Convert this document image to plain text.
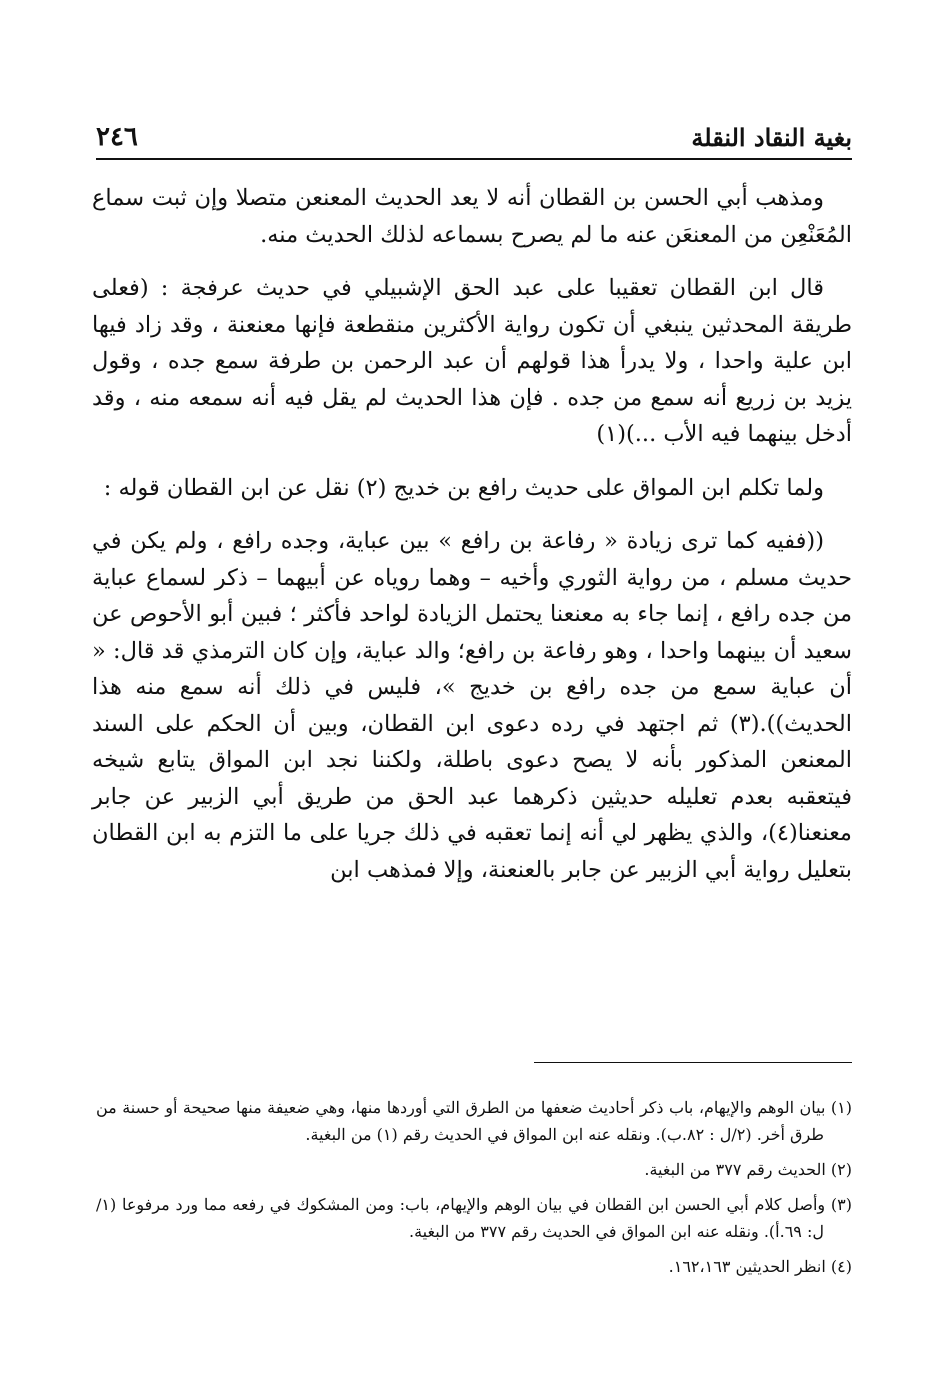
بغية النقاد النقلة
٢٤٦

ومذهب أبي الحسن بن القطان أنه لا يعد الحديث المعنعن متصلا وإن ثبت سماع المُعَنْعِن من المعنعَن عنه ما لم يصرح بسماعه لذلك الحديث منه.

قال ابن القطان تعقيبا على عبد الحق الإشبيلي في حديث عرفجة : (فعلى طريقة المحدثين ينبغي أن تكون رواية الأكثرين منقطعة فإنها معنعنة ، وقد زاد فيها ابن علية واحدا ، ولا يدرأ هذا قولهم أن عبد الرحمن بن طرفة سمع جده ، وقول يزيد بن زريع أنه سمع من جده . فإن هذا الحديث لم يقل فيه أنه سمعه منه ، وقد أدخل بينهما فيه الأب ...)(١)

ولما تكلم ابن المواق على حديث رافع بن خديج (٢) نقل عن ابن القطان قوله :

((ففيه كما ترى زيادة « رفاعة بن رافع » بين عباية، وجده رافع ، ولم يكن في حديث مسلم ، من رواية الثوري وأخيه – وهما روياه عن أبيهما – ذكر لسماع عباية من جده رافع ، إنما جاء به معنعنا يحتمل الزيادة لواحد فأكثر ؛ فبين أبو الأحوص عن سعيد أن بينهما واحدا ، وهو رفاعة بن رافع؛ والد عباية، وإن كان الترمذي قد قال: « أن عباية سمع من جده رافع بن خديج »، فليس في ذلك أنه سمع منه هذا الحديث)).(٣) ثم اجتهد في رده دعوى ابن القطان، وبين أن الحكم على السند المعنعن المذكور بأنه لا يصح دعوى باطلة، ولكننا نجد ابن المواق يتابع شيخه فيتعقبه بعدم تعليله حديثين ذكرهما عبد الحق من طريق أبي الزبير عن جابر معنعنا(٤)، والذي يظهر لي أنه إنما تعقبه في ذلك جريا على ما التزم به ابن القطان بتعليل رواية أبي الزبير عن جابر بالعنعنة، وإلا فمذهب ابن

(١) بيان الوهم والإيهام، باب ذكر أحاديث ضعفها من الطرق التي أوردها منها، وهي ضعيفة منها صحيحة أو حسنة من طرق أخر. (٢/ل : ٨٢.ب). ونقله عنه ابن المواق في الحديث رقم (١) من البغية.

(٢) الحديث رقم ٣٧٧ من البغية.

(٣) وأصل كلام أبي الحسن ابن القطان في بيان الوهم والإيهام، باب: ومن المشكوك في رفعه مما ورد مرفوعا (١/ ل: ٦٩.أ). ونقله عنه ابن المواق في الحديث رقم ٣٧٧ من البغية.

(٤) انظر الحديثين ١٦٢،١٦٣.
